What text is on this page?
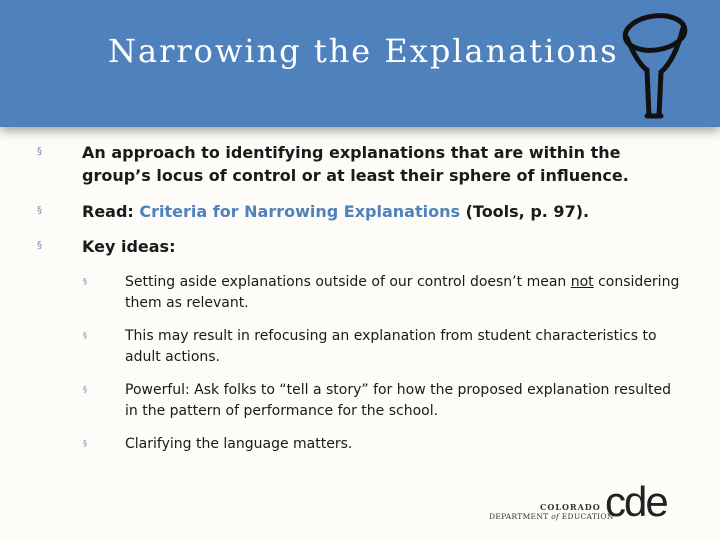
Narrowing the Explanations
§	An approach to identifying explanations that are within the group’s locus of control or at least their sphere of influence.
§	Read: Criteria for Narrowing Explanations (Tools, p. 97).
§	Key ideas:
§	Setting aside explanations outside of our control doesn’t mean not considering them as relevant.
§	This may result in refocusing an explanation from student characteristics to adult actions.
§	Powerful: Ask folks to “tell a story” for how the proposed explanation resulted in the pattern of performance for the school.
§	Clarifying the language matters.
COLORADO
DEPARTMENT of EDUCATION
cde
